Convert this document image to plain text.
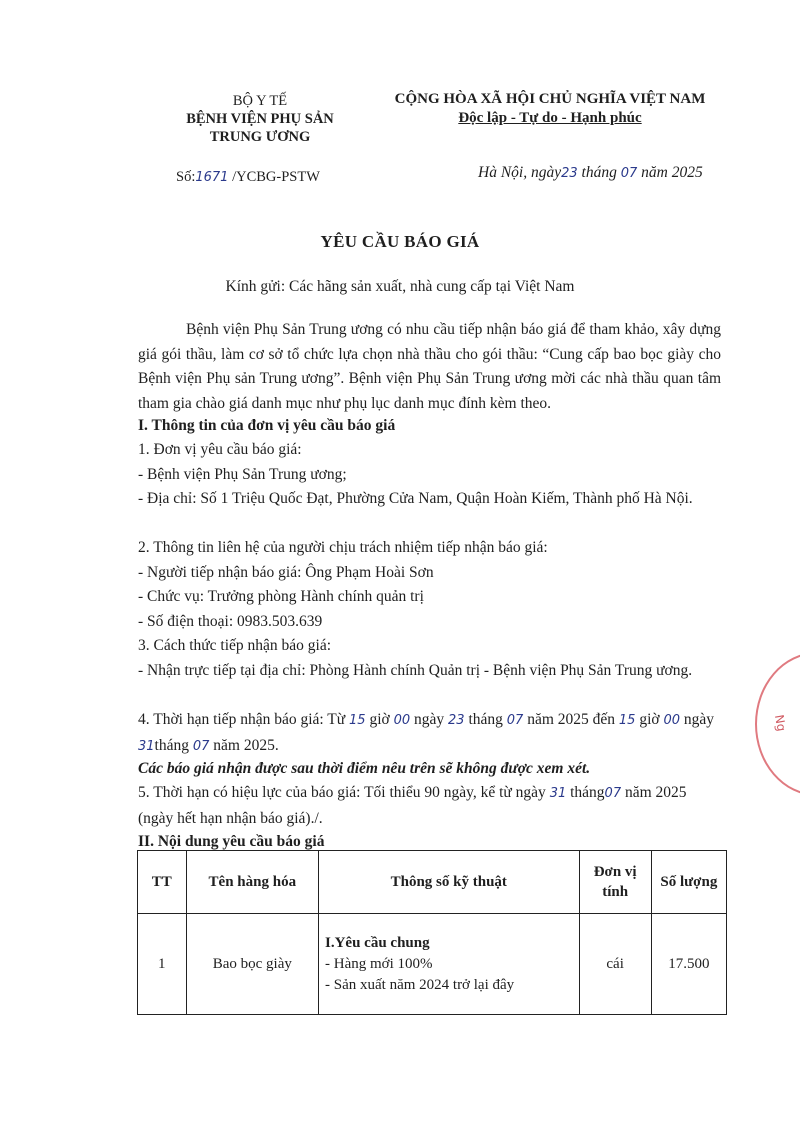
BỘ Y TẾ
BỆNH VIỆN PHỤ SẢN
TRUNG ƯƠNG
CỘNG HÒA XÃ HỘI CHỦ NGHĨA VIỆT NAM
Độc lập - Tự do - Hạnh phúc
Số:1671 /YCBG-PSTW	Hà Nội, ngày23 tháng 07 năm 2025
YÊU CẦU BÁO GIÁ
Kính gửi: Các hãng sản xuất, nhà cung cấp tại Việt Nam
Bệnh viện Phụ Sản Trung ương có nhu cầu tiếp nhận báo giá để tham khảo, xây dựng giá gói thầu, làm cơ sở tổ chức lựa chọn nhà thầu cho gói thầu: “Cung cấp bao bọc giày cho Bệnh viện Phụ sản Trung ương”. Bệnh viện Phụ Sản Trung ương mời các nhà thầu quan tâm tham gia chào giá danh mục như phụ lục danh mục đính kèm theo.
I. Thông tin của đơn vị yêu cầu báo giá
1. Đơn vị yêu cầu báo giá:
- Bệnh viện Phụ Sản Trung ương;
- Địa chỉ: Số 1 Triệu Quốc Đạt, Phường Cửa Nam, Quận Hoàn Kiếm, Thành phố Hà Nội.
2. Thông tin liên hệ của người chịu trách nhiệm tiếp nhận báo giá:
- Người tiếp nhận báo giá: Ông Phạm Hoài Sơn
- Chức vụ: Trưởng phòng Hành chính quản trị
- Số điện thoại: 0983.503.639
3. Cách thức tiếp nhận báo giá:
- Nhận trực tiếp tại địa chỉ: Phòng Hành chính Quản trị - Bệnh viện Phụ Sản Trung ương.
4. Thời hạn tiếp nhận báo giá: Từ 15 giờ 00 ngày 23 tháng 07 năm 2025 đến 15 giờ 00 ngày 31tháng 07 năm 2025.
Các báo giá nhận được sau thời điểm nêu trên sẽ không được xem xét.
5. Thời hạn có hiệu lực của báo giá: Tối thiểu 90 ngày, kể từ ngày 31 tháng07 năm 2025 (ngày hết hạn nhận báo giá)./.
II. Nội dung yêu cầu báo giá
TT	Tên hàng hóa	Thông số kỹ thuật	Đơn vị tính	Số lượng
1	Bao bọc giày	I.Yêu cầu chung
- Hàng mới 100%
- Sản xuất năm 2024 trở lại đây	cái	17.500
Ng
